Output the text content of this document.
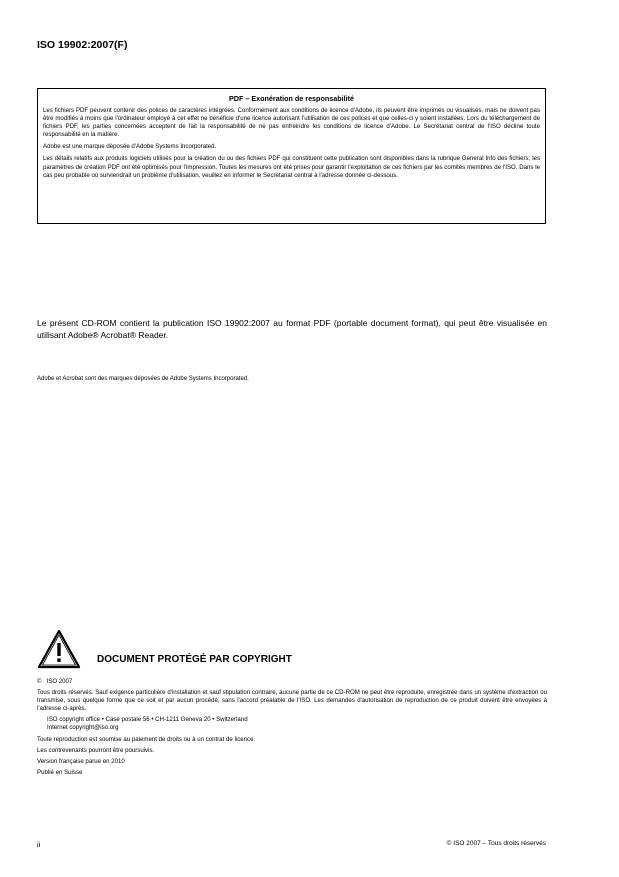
ISO 19902:2007(F)
PDF – Exonération de responsabilité

Les fichiers PDF peuvent contenir des polices de caractères intégrées. Conformément aux conditions de licence d'Adobe, ils peuvent être imprimés ou visualisés, mais ne doivent pas être modifiés à moins que l'ordinateur employé à cet effet ne bénéficie d'une licence autorisant l'utilisation de ces polices et que celles-ci y soient installées. Lors du téléchargement de fichiers PDF, les parties concernées acceptent de fait la responsabilité de ne pas enfreindre les conditions de licence d'Adobe. Le Secrétariat central de l'ISO décline toute responsabilité en la matière.

Adobe est une marque déposée d'Adobe Systems Incorporated.

Les détails relatifs aux produits logiciels utilisés pour la création du ou des fichiers PDF qui constituent cette publication sont disponibles dans la rubrique General Info des fichiers; les paramètres de création PDF ont été optimisés pour l'impression. Toutes les mesures ont été prises pour garantir l'exploitation de ces fichiers par les comités membres de l'ISO. Dans le cas peu probable où surviendrait un problème d'utilisation, veuillez en informer le Secrétariat central à l'adresse donnée ci-dessous.

Le présent CD-ROM contient la publication ISO 19902:2007 au format PDF (portable document format), qui peut être visualisée en utilisant Adobe® Acrobat® Reader.
Adobe et Acrobat sont des marques déposées de Adobe Systems Incorporated.
DOCUMENT PROTÉGÉ PAR COPYRIGHT

©   ISO 2007

Tous droits réservés. Sauf exigence particulière d'installation et sauf stipulation contraire, aucune partie de ce CD-ROM ne peut être reproduite, enregistrée dans un système d'extraction ou transmise, sous quelque forme que ce soit et par aucun procédé, sans l'accord préalable de l'ISO. Les demandes d'autorisation de reproduction de ce produit doivent être envoyées à l'adresse ci-après.

ISO copyright office • Case postale 56 • CH-1211 Geneva 20 • Switzerland

Internet copyright@iso.org

Toute reproduction est soumise au paiement de droits ou à un contrat de licence.

Les contrevenants pourront être poursuivis.

Version française parue en 2010

Publié en Suisse

ii	© ISO 2007 – Tous droits réservés
